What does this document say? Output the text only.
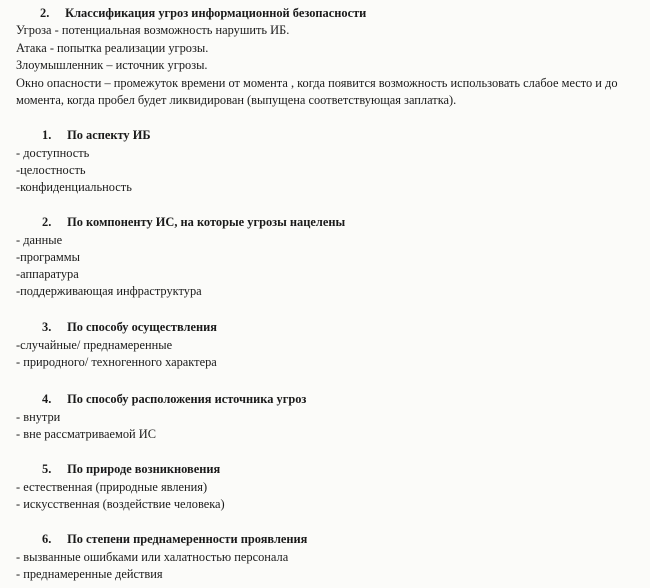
2. Классификация угроз информационной безопасности
Угроза - потенциальная возможность нарушить ИБ.
Атака - попытка реализации угрозы.
Злоумышленник – источник угрозы.
Окно опасности – промежуток времени от момента , когда появится возможность использовать слабое место и до момента, когда пробел будет ликвидирован (выпущена соответствующая заплатка).
1. По аспекту ИБ
- доступность
-целостность
-конфиденциальность
2. По компоненту ИС, на которые угрозы нацелены
- данные
-программы
-аппаратура
-поддерживающая инфраструктура
3. По способу осуществления
-случайные/ преднамеренные
- природного/ техногенного характера
4. По способу расположения источника угроз
- внутри
- вне рассматриваемой ИС
5. По природе возникновения
- естественная (природные явления)
- искусственная (воздействие человека)
6. По степени преднамеренности проявления
- вызванные ошибками или халатностью персонала
- преднамеренные действия
